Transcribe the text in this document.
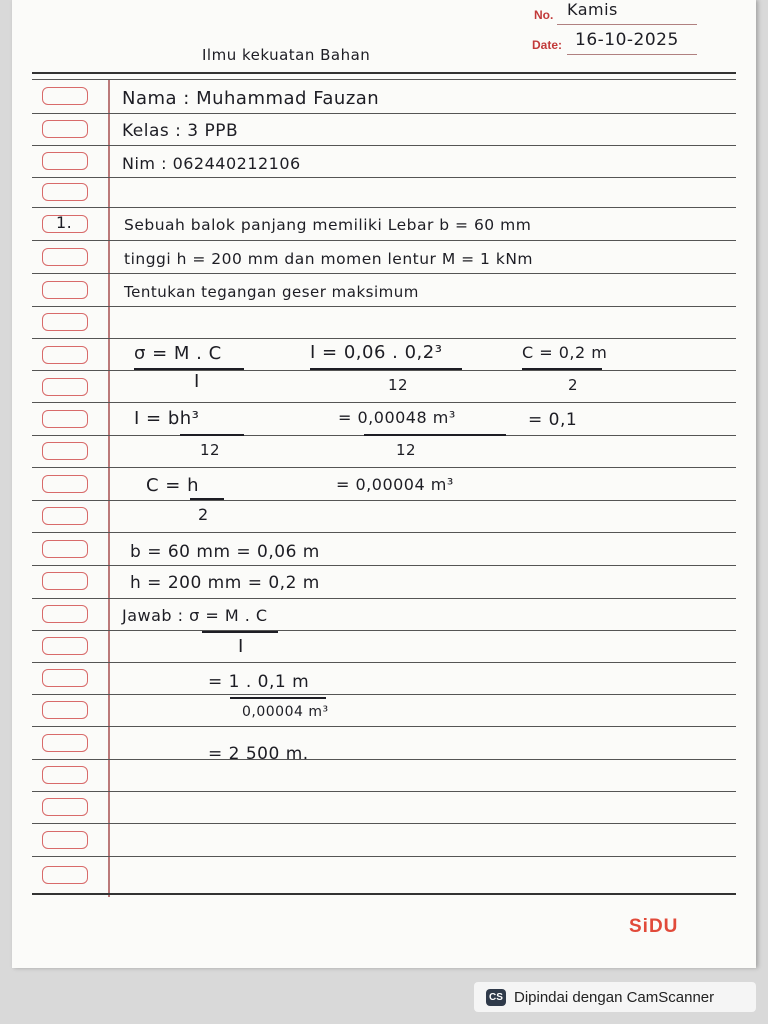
No. Kamis
Date: 16-10-2025
Ilmu kekuatan Bahan
Nama : Muhammad Fauzan
Kelas : 3 PPB
Nim : 062440212106
1.	Sebuah balok panjang memiliki Lebar b = 60 mm
tinggi h = 200 mm dan momen lentur M = 1 kNm
Tentukan tegangan geser maksimum
σ = M . C
I
I = 0,06 . 0,2³
12
C = 0,2 m
2
I = bh³
12
= 0,00048 m³
12
= 0,1
C = h
2
= 0,00004 m³
b = 60 mm = 0,06 m
h = 200 mm = 0,2 m
Jawab : σ = M . C
I
= 1 . 0,1 m
0,00004 m³
= 2 500 m.
SiDU
CS Dipindai dengan CamScanner
